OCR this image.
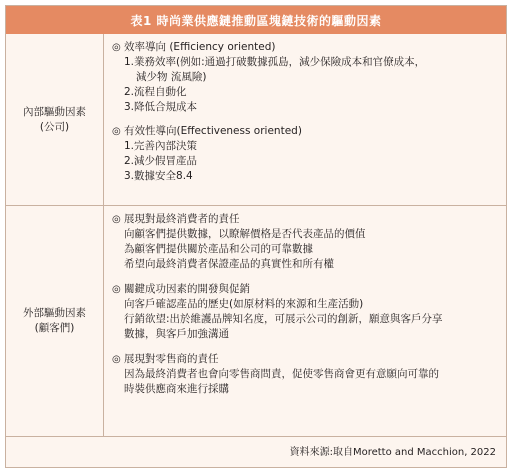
表1 時尚業供應鏈推動區塊鏈技術的驅動因素
內部驅動因素
(公司)
◎ 效率導向 (Efficiency oriented)
1.業務效率(例如:通過打破數據孤島，減少保險成本和官僚成本，
減少物 流風險)
2.流程自動化
3.降低合規成本
◎ 有效性導向(Effectiveness oriented)
1.完善內部決策
2.減少假冒產品
3.數據安全8.4
外部驅動因素
(顧客們)
◎ 展現對最終消費者的責任
向顧客們提供數據，以瞭解價格是否代表產品的價值
為顧客們提供關於產品和公司的可靠數據
希望向最終消費者保證產品的真實性和所有權
◎ 關鍵成功因素的開發與促銷
向客戶確認產品的歷史(如原材料的來源和生產活動)
行銷欲望:出於維護品牌知名度，可展示公司的創新，願意與客戶分享
數據，與客戶加強溝通
◎ 展現對零售商的責任
因為最終消費者也會向零售商問責，促使零售商會更有意願向可靠的
時裝供應商來進行採購
資料來源:取自Moretto and Macchion, 2022
